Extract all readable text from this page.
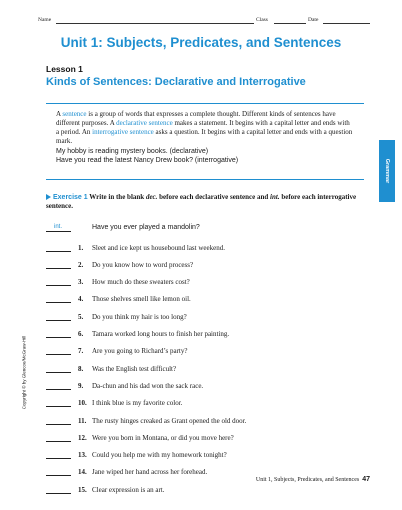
Name	Class	Date
Unit 1: Subjects, Predicates, and Sentences
Lesson 1
Kinds of Sentences: Declarative and Interrogative

A sentence is a group of words that expresses a complete thought. Different kinds of sentences have different purposes. A declarative sentence makes a statement. It begins with a capital letter and ends with a period. An interrogative sentence asks a question. It begins with a capital letter and ends with a question mark.

My hobby is reading mystery books. (declarative)

Have you read the latest Nancy Drew book? (interrogative)	Grammar
Exercise 1 Write in the blank dec. before each declarative sentence and int. before each interrogative sentence.
int.	Have you ever played a mandolin?
1. Sleet and ice kept us housebound last weekend.
2. Do you know how to word process?
3. How much do these sweaters cost?
4. Those shelves smell like lemon oil.
5. Do you think my hair is too long?
6. Tamara worked long hours to finish her painting.
7. Are you going to Richard’s party?
8. Was the English test difficult?
9. Da-chun and his dad won the sack race.
10. I think blue is my favorite color.
11. The rusty hinges creaked as Grant opened the old door.
12. Were you born in Montana, or did you move here?
13. Could you help me with my homework tonight?
14. Jane wiped her hand across her forehead.
15. Clear expression is an art.
Copyright © by Glencoe/McGraw-Hill
Unit 1, Subjects, Predicates, and Sentences 47
